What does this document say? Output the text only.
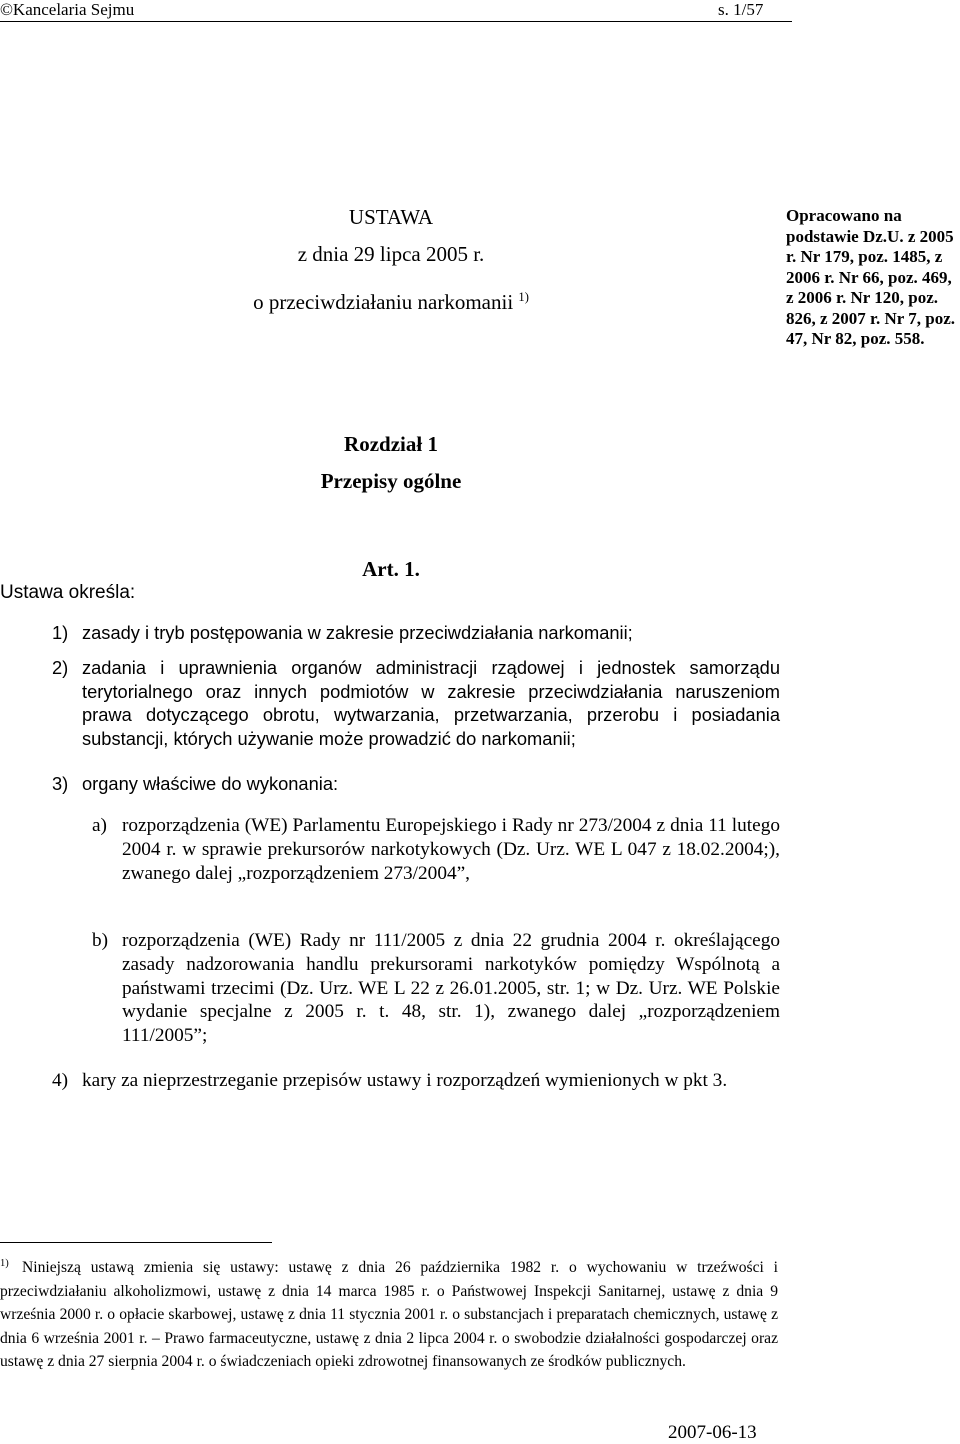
©Kancelaria Sejmu	s. 1/57
USTAWA
z dnia 29 lipca 2005 r.
o przeciwdziałaniu narkomanii $^{1)}$
Opracowano na podstawie Dz.U. z 2005 r. Nr 179, poz. 1485, z 2006 r. Nr 66, poz. 469, z 2006 r. Nr 120, poz. 826, z 2007 r. Nr 7, poz. 47, Nr 82, poz. 558.
Rozdział 1
Przepisy ogólne
Art. 1.
Ustawa określa:
1) zasady i tryb postępowania w zakresie przeciwdziałania narkomanii;
2) zadania i uprawnienia organów administracji rządowej i jednostek samorządu terytorialnego oraz innych podmiotów w zakresie przeciwdziałania naruszeniom prawa dotyczącego obrotu, wytwarzania, przetwarzania, przerobu i posiadania substancji, których używanie może prowadzić do narkomanii;
3) organy właściwe do wykonania:
a) rozporządzenia (WE) Parlamentu Europejskiego i Rady nr 273/2004 z dnia 11 lutego 2004 r. w sprawie prekursorów narkotykowych (Dz. Urz. WE L 047 z 18.02.2004;), zwanego dalej „rozporządzeniem 273/2004”,
b) rozporządzenia (WE) Rady nr 111/2005 z dnia 22 grudnia 2004 r. określającego zasady nadzorowania handlu prekursorami narkotyków pomiędzy Wspólnotą a państwami trzecimi (Dz. Urz. WE L 22 z 26.01.2005, str. 1; w Dz. Urz. WE Polskie wydanie specjalne z 2005 r. t. 48, str. 1), zwanego dalej „rozporządzeniem 111/2005”;
4) kary za nieprzestrzeganie przepisów ustawy i rozporządzeń wymienionych w pkt 3.
1) Niniejszą ustawą zmienia się ustawy: ustawę z dnia 26 października 1982 r. o wychowaniu w trzeźwości i przeciwdziałaniu alkoholizmowi, ustawę z dnia 14 marca 1985 r. o Państwowej Inspekcji Sanitarnej, ustawę z dnia 9 września 2000 r. o opłacie skarbowej, ustawę z dnia 11 stycznia 2001 r. o substancjach i preparatach chemicznych, ustawę z dnia 6 września 2001 r. – Prawo farmaceutyczne, ustawę z dnia 2 lipca 2004 r. o swobodzie działalności gospodarczej oraz ustawę z dnia 27 sierpnia 2004 r. o świadczeniach opieki zdrowotnej finansowanych ze środków publicznych.
2007-06-13
